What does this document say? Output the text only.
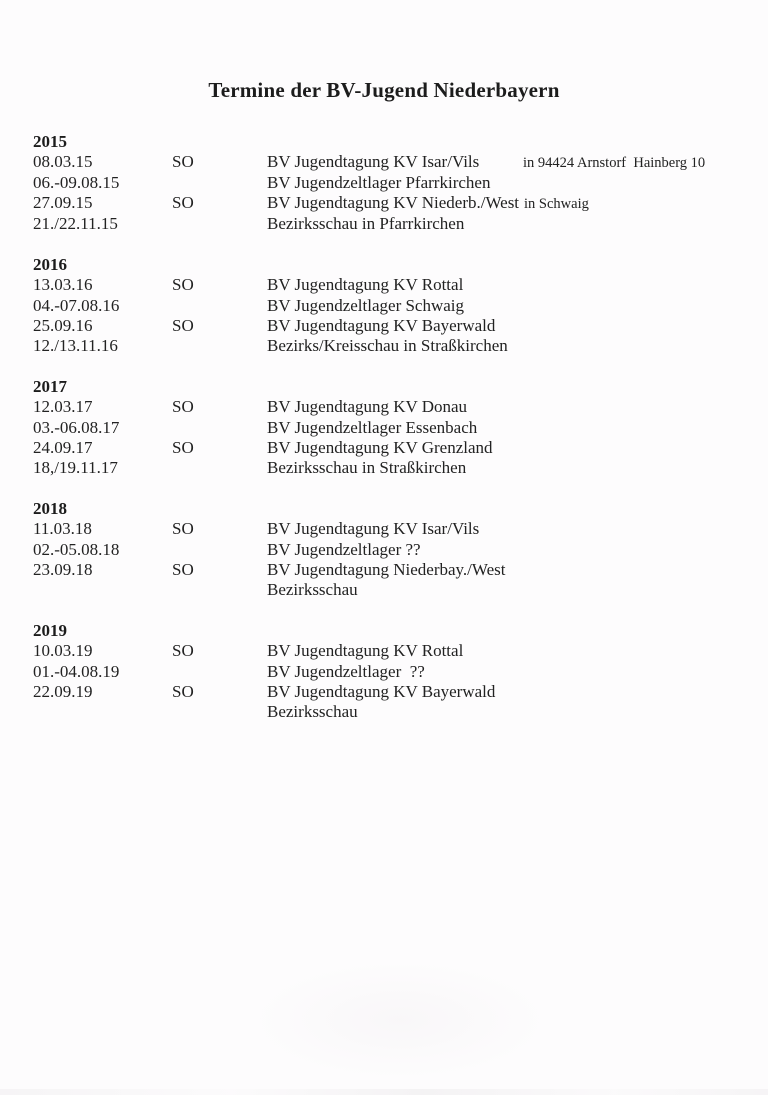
Termine der BV-Jugend Niederbayern
2015
08.03.15	SO	BV Jugendtagung KV Isar/Vils	in 94424 Arnstorf  Hainberg 10
06.-09.08.15	BV Jugendzeltlager Pfarrkirchen
27.09.15	SO	BV Jugendtagung KV Niederb./West in Schwaig
21./22.11.15	Bezirksschau in Pfarrkirchen
2016
13.03.16	SO	BV Jugendtagung KV Rottal
04.-07.08.16	BV Jugendzeltlager Schwaig
25.09.16	SO	BV Jugendtagung KV Bayerwald
12./13.11.16	Bezirks/Kreisschau in Straßkirchen
2017
12.03.17	SO	BV Jugendtagung KV Donau
03.-06.08.17	BV Jugendzeltlager Essenbach
24.09.17	SO	BV Jugendtagung KV Grenzland
18,/19.11.17	Bezirksschau in Straßkirchen
2018
11.03.18	SO	BV Jugendtagung KV Isar/Vils
02.-05.08.18	BV Jugendzeltlager ??
23.09.18	SO	BV Jugendtagung Niederbay./West
Bezirksschau
2019
10.03.19	SO	BV Jugendtagung KV Rottal
01.-04.08.19	BV Jugendzeltlager  ??
22.09.19	SO	BV Jugendtagung KV Bayerwald
Bezirksschau
